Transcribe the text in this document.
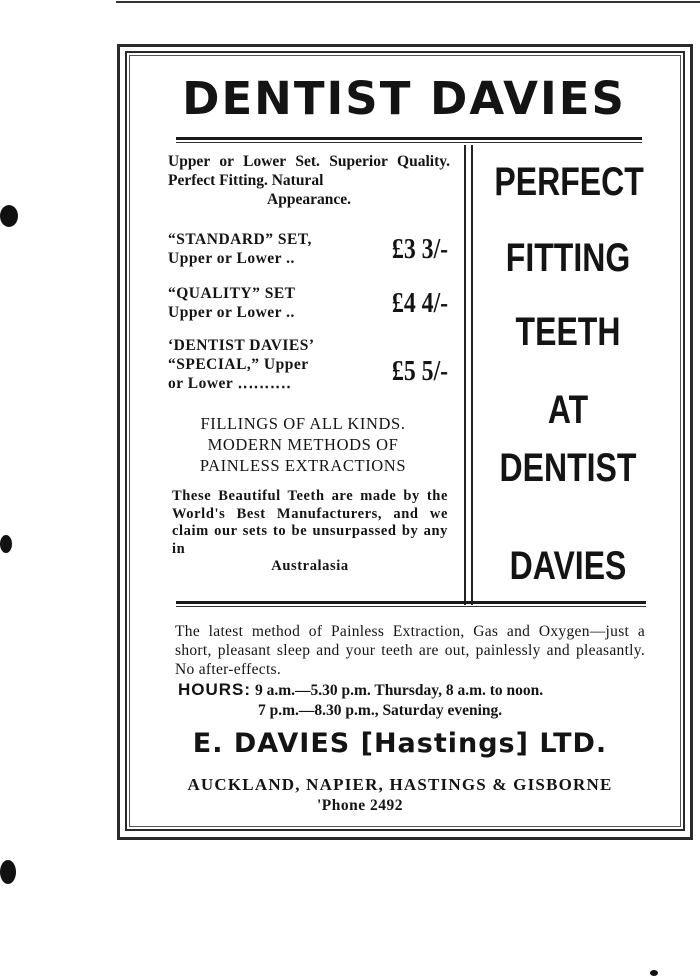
DENTIST DAVIES
Upper or Lower Set. Superior Quality. Perfect Fitting. Natural
Appearance.
“STANDARD” SET,
Upper or Lower ..	£3 3/-
“QUALITY” SET
Upper or Lower ..	£4 4/-
‘DENTIST DAVIES’
“SPECIAL,” Upper
or Lower ‥‥‥‥‥	£5 5/-
FILLINGS OF ALL KINDS.
MODERN METHODS OF
PAINLESS EXTRACTIONS
These Beautiful Teeth are made by the World's Best Manufacturers, and we claim our sets to be unsurpassed by any in
Australasia
PERFECT
FITTING
TEETH
AT
DENTIST
DAVIES
The latest method of Painless Extraction, Gas and Oxygen—just a short, pleasant sleep and your teeth are out, painlessly and pleasantly. No after-effects.
HOURS: 9 a.m.—5.30 p.m. Thursday, 8 a.m. to noon.
7 p.m.—8.30 p.m., Saturday evening.
E. DAVIES [Hastings] LTD.
AUCKLAND, NAPIER, HASTINGS & GISBORNE
'Phone 2492
